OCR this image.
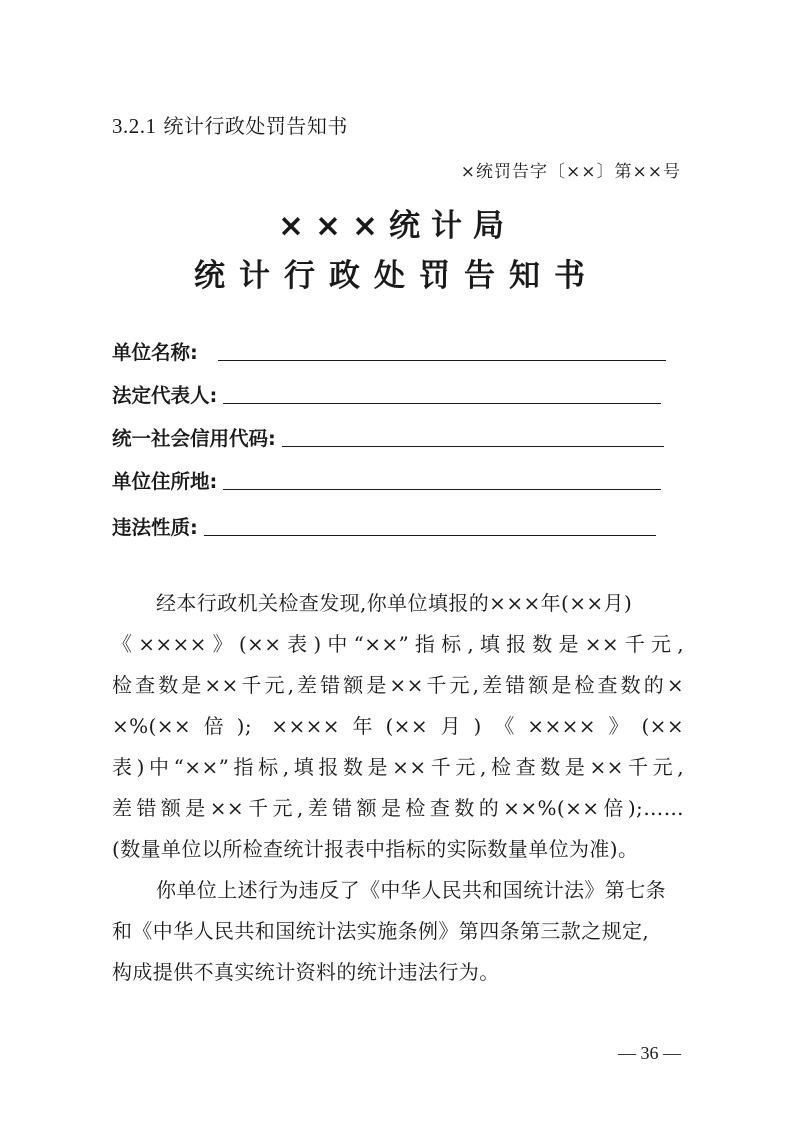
3.2.1 统计行政处罚告知书
×统罚告字〔××〕第××号
×××统计局
统计行政处罚告知书
单位名称:
法定代表人:
统一社会信用代码:
单位住所地:
违法性质:
经本行政机关检查发现,你单位填报的×××年(××月)
《××××》(××表)中“××”指标,填报数是××千元,
检查数是××千元,差错额是××千元,差错额是检查数的×
×%(××倍); ××××年(××月)《××××》(××
表)中“××”指标,填报数是××千元,检查数是××千元,
差错额是××千元,差错额是检查数的××%(××倍);……
(数量单位以所检查统计报表中指标的实际数量单位为准)。
你单位上述行为违反了《中华人民共和国统计法》第七条
和《中华人民共和国统计法实施条例》第四条第三款之规定,
构成提供不真实统计资料的统计违法行为。
— 36 —
